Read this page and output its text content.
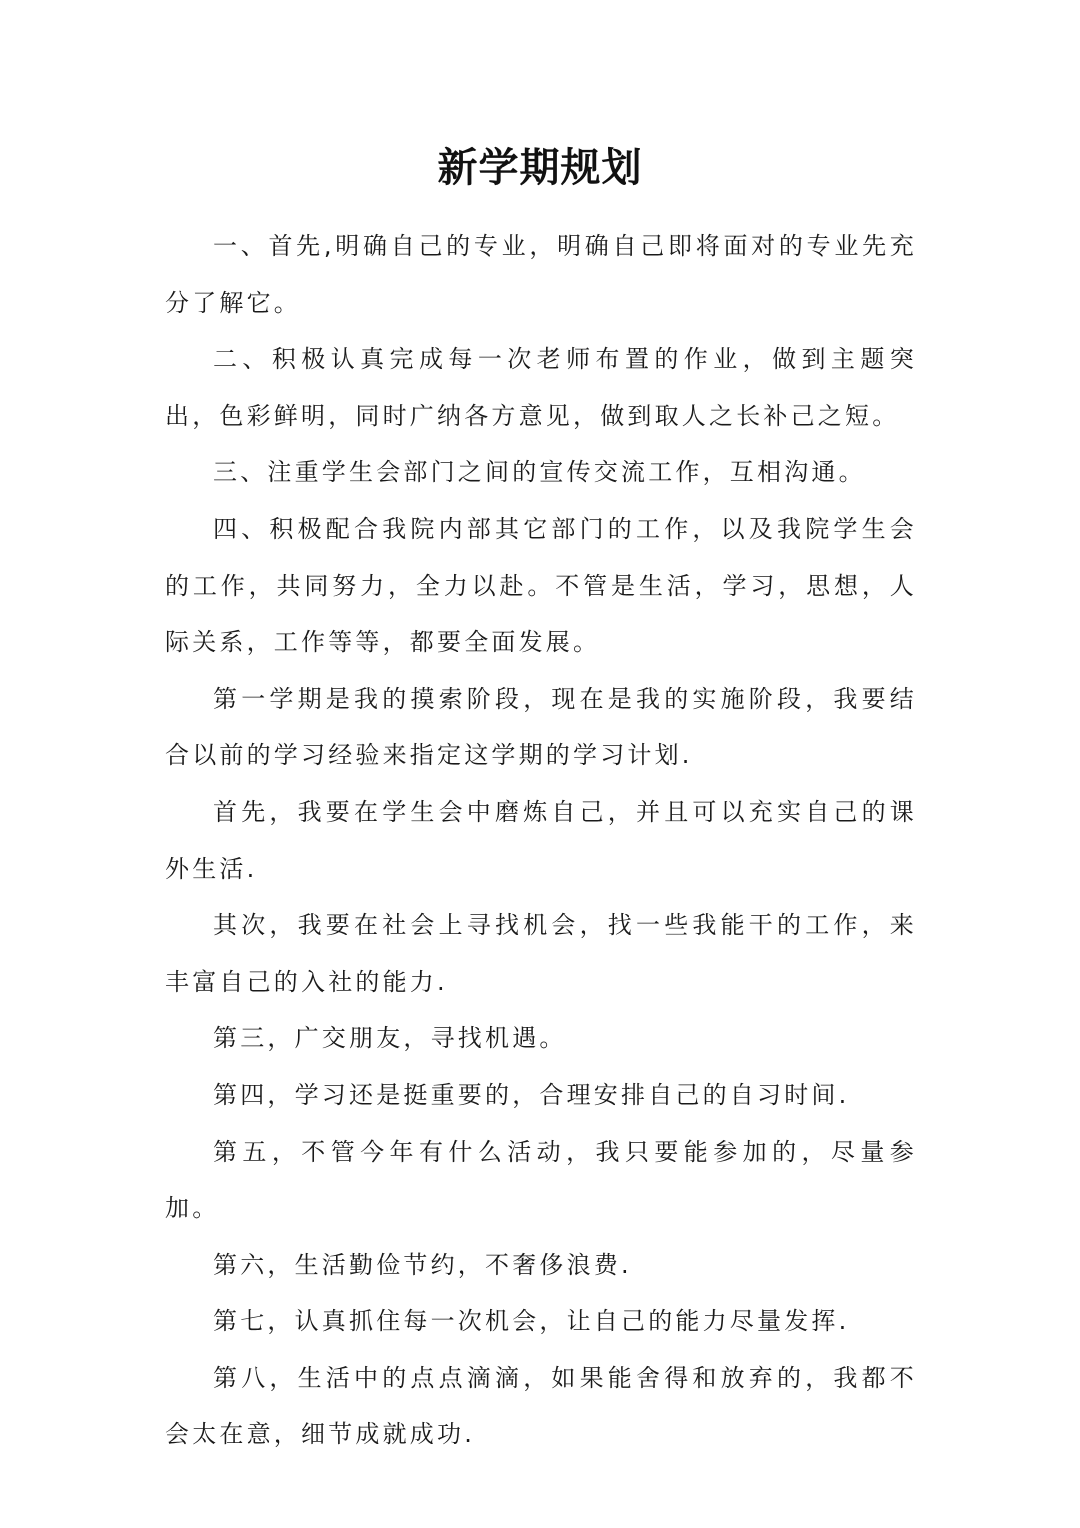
新学期规划

一、首先,明确自己的专业，明确自己即将面对的专业先充分了解它。

二、积极认真完成每一次老师布置的作业，做到主题突出，色彩鲜明，同时广纳各方意见，做到取人之长补己之短。

三、注重学生会部门之间的宣传交流工作，互相沟通。

四、积极配合我院内部其它部门的工作，以及我院学生会的工作，共同努力，全力以赴。不管是生活，学习，思想，人际关系，工作等等，都要全面发展。

第一学期是我的摸索阶段，现在是我的实施阶段，我要结合以前的学习经验来指定这学期的学习计划.

首先，我要在学生会中磨炼自己，并且可以充实自己的课外生活.

其次，我要在社会上寻找机会，找一些我能干的工作，来丰富自己的入社的能力.

第三，广交朋友，寻找机遇。

第四，学习还是挺重要的，合理安排自己的自习时间.

第五，不管今年有什么活动，我只要能参加的，尽量参加。

第六，生活勤俭节约，不奢侈浪费.

第七，认真抓住每一次机会，让自己的能力尽量发挥.

第八，生活中的点点滴滴，如果能舍得和放弃的，我都不会太在意，细节成就成功.
